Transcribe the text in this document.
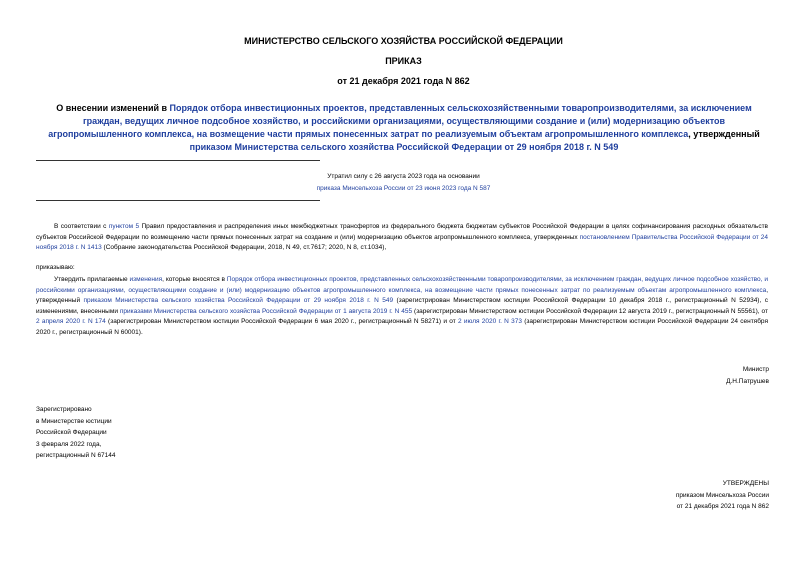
МИНИСТЕРСТВО СЕЛЬСКОГО ХОЗЯЙСТВА РОССИЙСКОЙ ФЕДЕРАЦИИ
ПРИКАЗ
от 21 декабря 2021 года N 862
О внесении изменений в Порядок отбора инвестиционных проектов, представленных сельскохозяйственными товаропроизводителями, за исключением граждан, ведущих личное подсобное хозяйство, и российскими организациями, осуществляющими создание и (или) модернизацию объектов агропромышленного комплекса, на возмещение части прямых понесенных затрат по реализуемым объектам агропромышленного комплекса, утвержденный приказом Министерства сельского хозяйства Российской Федерации от 29 ноября 2018 г. N 549
Утратил силу с 26 августа 2023 года на основании
приказа Минсельхоза России от 23 июня 2023 года N 587
В соответствии с пунктом 5 Правил предоставления и распределения иных межбюджетных трансфертов из федерального бюджета бюджетам субъектов Российской Федерации в целях софинансирования расходных обязательств субъектов Российской Федерации по возмещению части прямых понесенных затрат на создание и (или) модернизацию объектов агропромышленного комплекса, утвержденных постановлением Правительства Российской Федерации от 24 ноября 2018 г. N 1413 (Собрание законодательства Российской Федерации, 2018, N 49, ст.7617; 2020, N 8, ст.1034),
приказываю:
Утвердить прилагаемые изменения, которые вносятся в Порядок отбора инвестиционных проектов, представленных сельскохозяйственными товаропроизводителями, за исключением граждан, ведущих личное подсобное хозяйство, и российскими организациями, осуществляющими создание и (или) модернизацию объектов агропромышленного комплекса, на возмещение части прямых понесенных затрат по реализуемым объектам агропромышленного комплекса, утвержденный приказом Министерства сельского хозяйства Российской Федерации от 29 ноября 2018 г. N 549 (зарегистрирован Министерством юстиции Российской Федерации 10 декабря 2018 г., регистрационный N 52934), с изменениями, внесенными приказами Министерства сельского хозяйства Российской Федерации от 1 августа 2019 г. N 455 (зарегистрирован Министерством юстиции Российской Федерации 12 августа 2019 г., регистрационный N 55561), от 2 апреля 2020 г. N 174 (зарегистрирован Министерством юстиции Российской Федерации 6 мая 2020 г., регистрационный N 58271) и от 2 июля 2020 г. N 373 (зарегистрирован Министерством юстиции Российской Федерации 24 сентября 2020 г., регистрационный N 60001).
Министр
Д.Н.Патрушев
Зарегистрировано
в Министерстве юстиции
Российской Федерации
3 февраля 2022 года,
регистрационный N 67144
УТВЕРЖДЕНЫ
приказом Минсельхоза России
от 21 декабря 2021 года N 862
